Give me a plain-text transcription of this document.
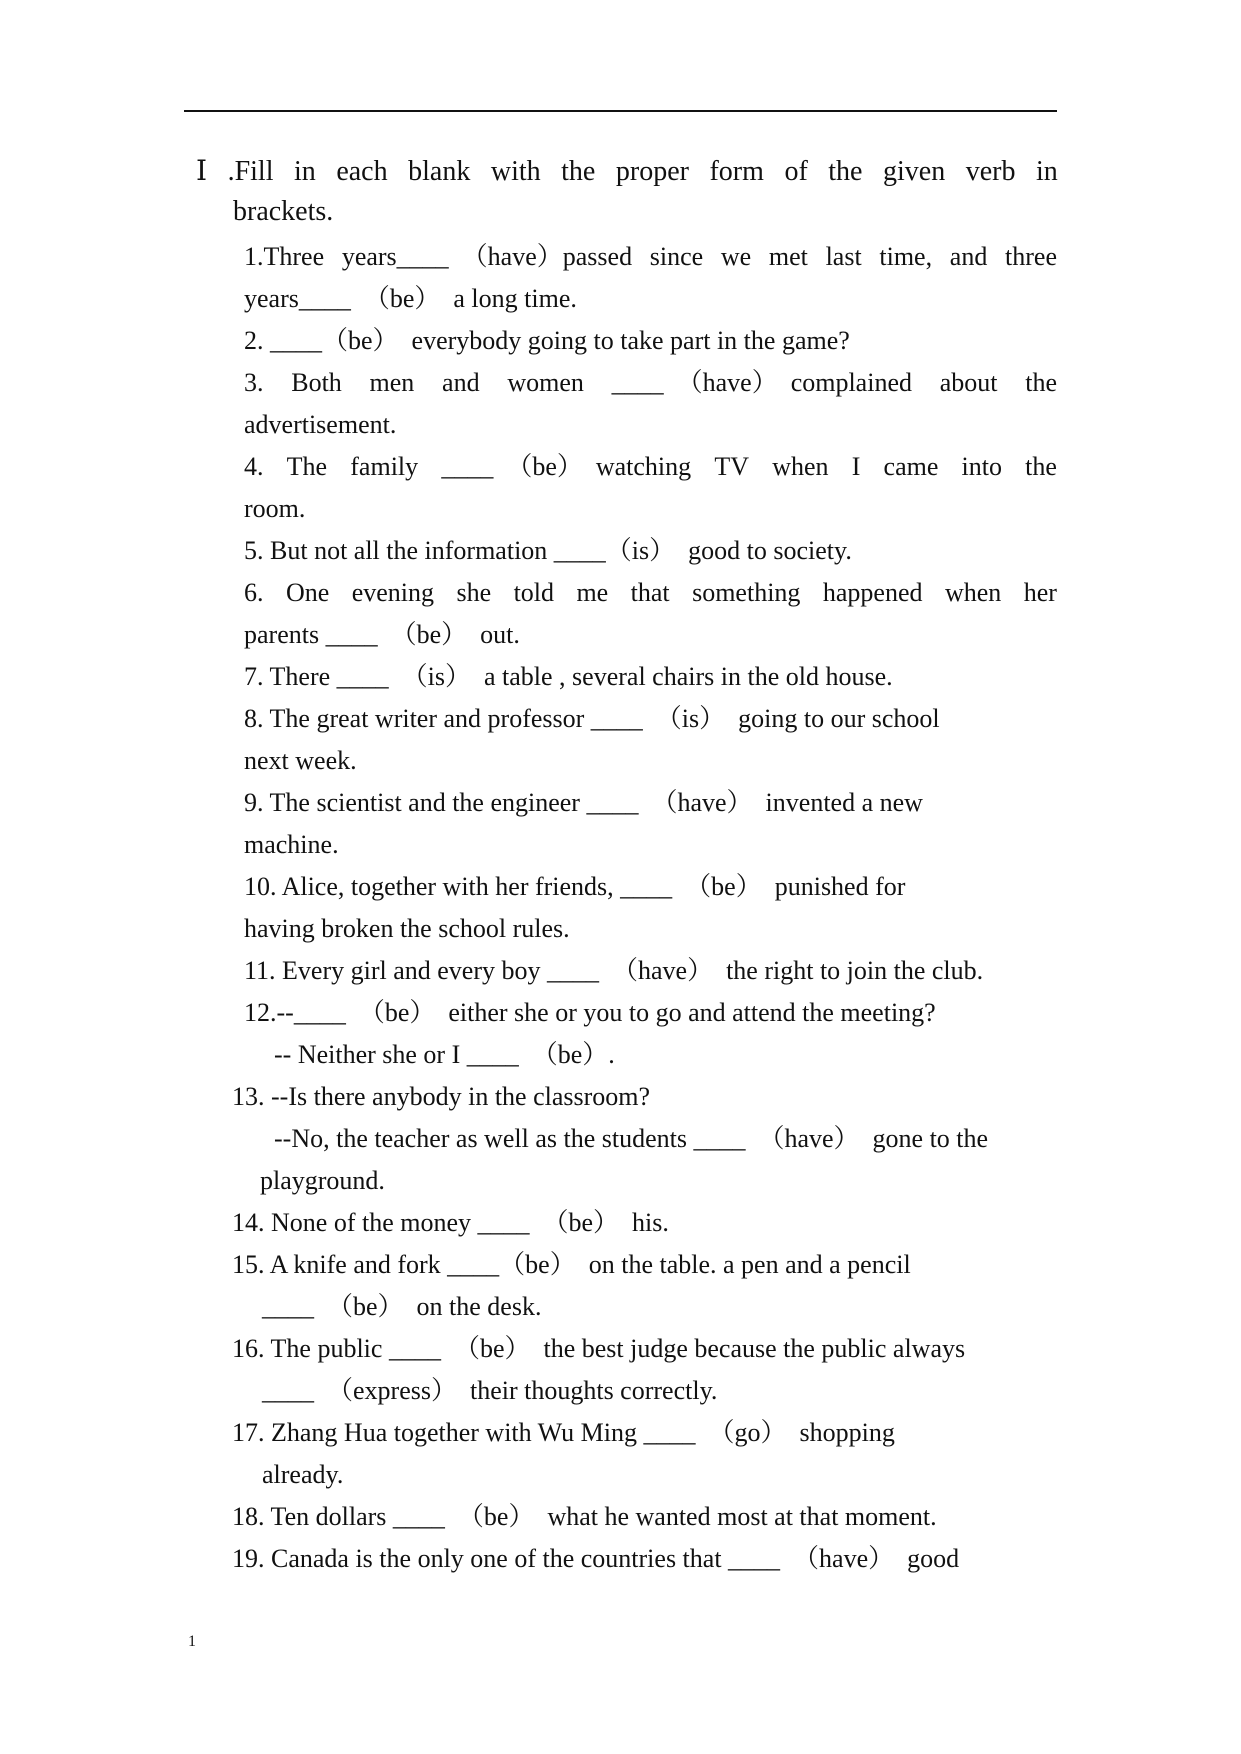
Ⅰ .Fill in each blank with the proper form of the given verb in
brackets.
1.Three years____　（have）passed since we met last time, and three
years____　（be）　a long time.
2. ____（be）　everybody going to take part in the game?
3. Both men and women ____　（have）　complained about the
advertisement.
4. The family ____　（be）　watching TV when I came into the
room.
5. But not all the information ____（is）　good to society.
6. One evening she told me that something happened when her
parents ____　（be）　out.
7. There ____　（is）　a table , several chairs in the old house.
8. The great writer and professor ____　（is）　going to our school
next week.
9. The scientist and the engineer ____　（have）　invented a new
machine.
10. Alice, together with her friends, ____　（be）　punished for
having broken the school rules.
11. Every girl and every boy ____　（have）　the right to join the club.
12.--____　（be）　either she or you to go and attend the meeting?
-- Neither she or I ____　（be）.
13. --Is there anybody in the classroom?
--No, the teacher as well as the students ____　（have）　gone to the
playground.
14. None of the money ____　（be）　his.
15. A knife and fork ____（be）　on the table. a pen and a pencil
____　（be）　on the desk.
16. The public ____　（be）　the best judge because the public always
____　（express）　their thoughts correctly.
17. Zhang Hua together with Wu Ming ____　（go）　shopping
already.
18. Ten dollars ____　（be）　what he wanted most at that moment.
19. Canada is the only one of the countries that ____　（have）　good
1
